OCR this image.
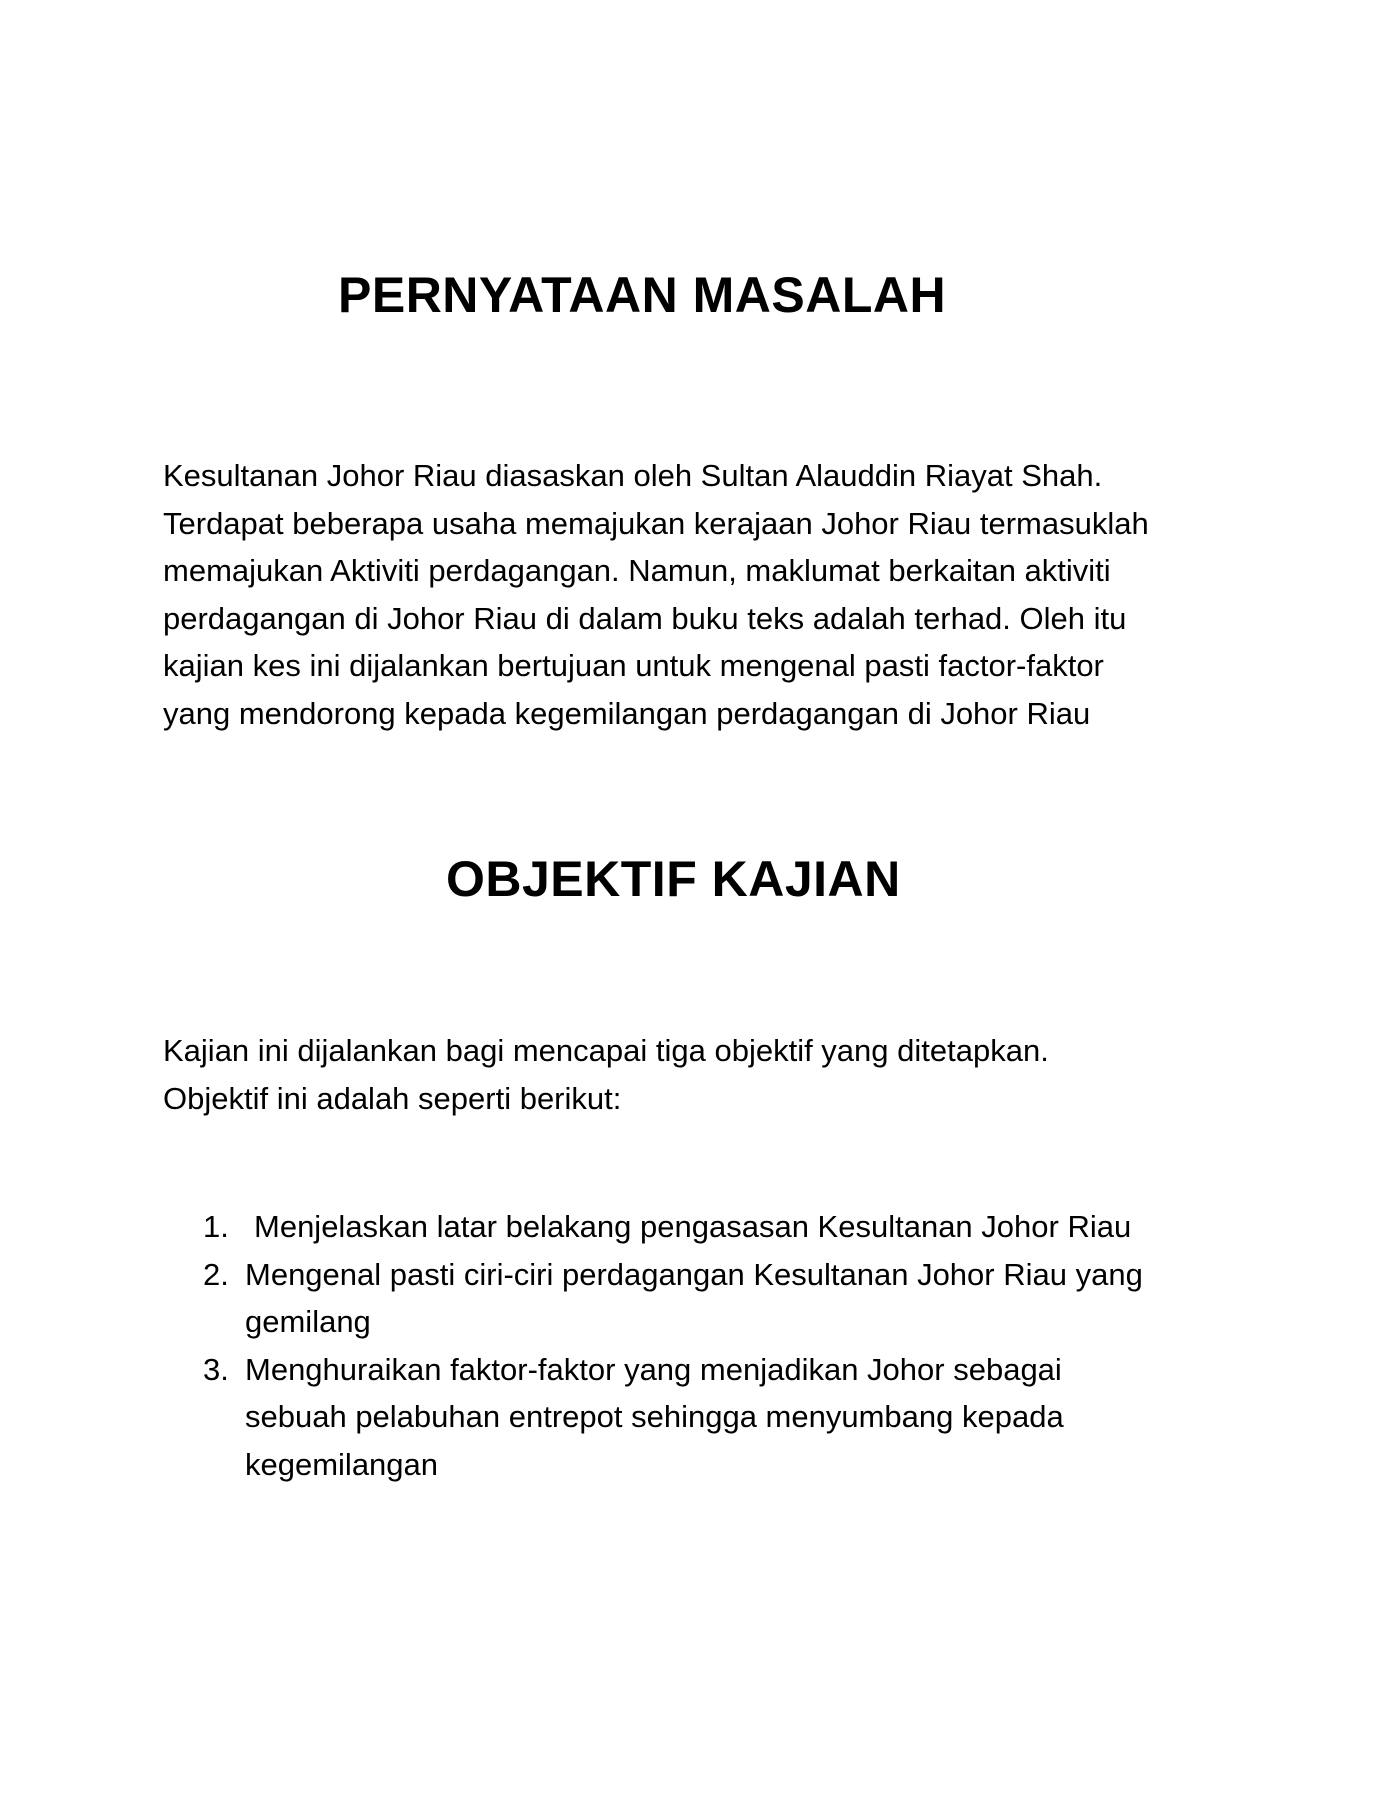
PERNYATAAN MASALAH

Kesultanan Johor Riau diasaskan oleh Sultan Alauddin Riayat Shah.
Terdapat beberapa usaha memajukan kerajaan Johor Riau termasuklah
memajukan Aktiviti perdagangan. Namun, maklumat berkaitan aktiviti
perdagangan di Johor Riau di dalam buku teks adalah terhad. Oleh itu
kajian kes ini dijalankan bertujuan untuk mengenal pasti factor-faktor
yang mendorong kepada kegemilangan perdagangan di Johor Riau

OBJEKTIF KAJIAN

Kajian ini dijalankan bagi mencapai tiga objektif yang ditetapkan.
Objektif ini adalah seperti berikut:

1. Menjelaskan latar belakang pengasasan Kesultanan Johor Riau
2. Mengenal pasti ciri-ciri perdagangan Kesultanan Johor Riau yang
gemilang
3. Menghuraikan faktor-faktor yang menjadikan Johor sebagai
sebuah pelabuhan entrepot sehingga menyumbang kepada
kegemilangan
